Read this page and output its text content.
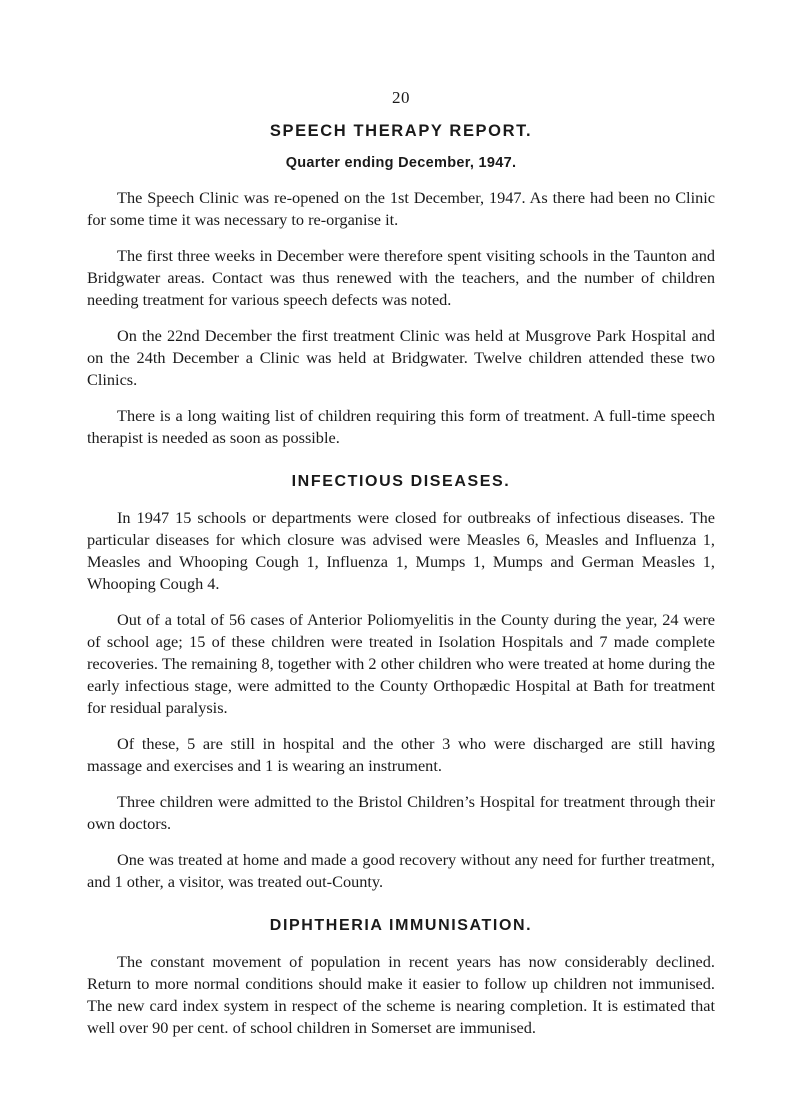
20
SPEECH THERAPY REPORT.
Quarter ending December, 1947.

The Speech Clinic was re-opened on the 1st December, 1947. As there had been no Clinic for some time it was necessary to re-organise it.

The first three weeks in December were therefore spent visiting schools in the Taunton and Bridgwater areas. Contact was thus renewed with the teachers, and the number of children needing treatment for various speech defects was noted.

On the 22nd December the first treatment Clinic was held at Musgrove Park Hospital and on the 24th December a Clinic was held at Bridgwater. Twelve children attended these two Clinics.

There is a long waiting list of children requiring this form of treatment. A full-time speech therapist is needed as soon as possible.

INFECTIOUS DISEASES.

In 1947 15 schools or departments were closed for outbreaks of infectious diseases. The particular diseases for which closure was advised were Measles 6, Measles and Influenza 1, Measles and Whooping Cough 1, Influenza 1, Mumps 1, Mumps and German Measles 1, Whooping Cough 4.

Out of a total of 56 cases of Anterior Poliomyelitis in the County during the year, 24 were of school age; 15 of these children were treated in Isolation Hospitals and 7 made complete recoveries. The remaining 8, together with 2 other children who were treated at home during the early infectious stage, were admitted to the County Orthopædic Hospital at Bath for treatment for residual paralysis.

Of these, 5 are still in hospital and the other 3 who were discharged are still having massage and exercises and 1 is wearing an instrument.

Three children were admitted to the Bristol Children’s Hospital for treatment through their own doctors.

One was treated at home and made a good recovery without any need for further treatment, and 1 other, a visitor, was treated out-County.

DIPHTHERIA IMMUNISATION.

The constant movement of population in recent years has now considerably declined. Return to more normal conditions should make it easier to follow up children not immunised. The new card index system in respect of the scheme is nearing completion. It is estimated that well over 90 per cent. of school children in Somerset are immunised.
